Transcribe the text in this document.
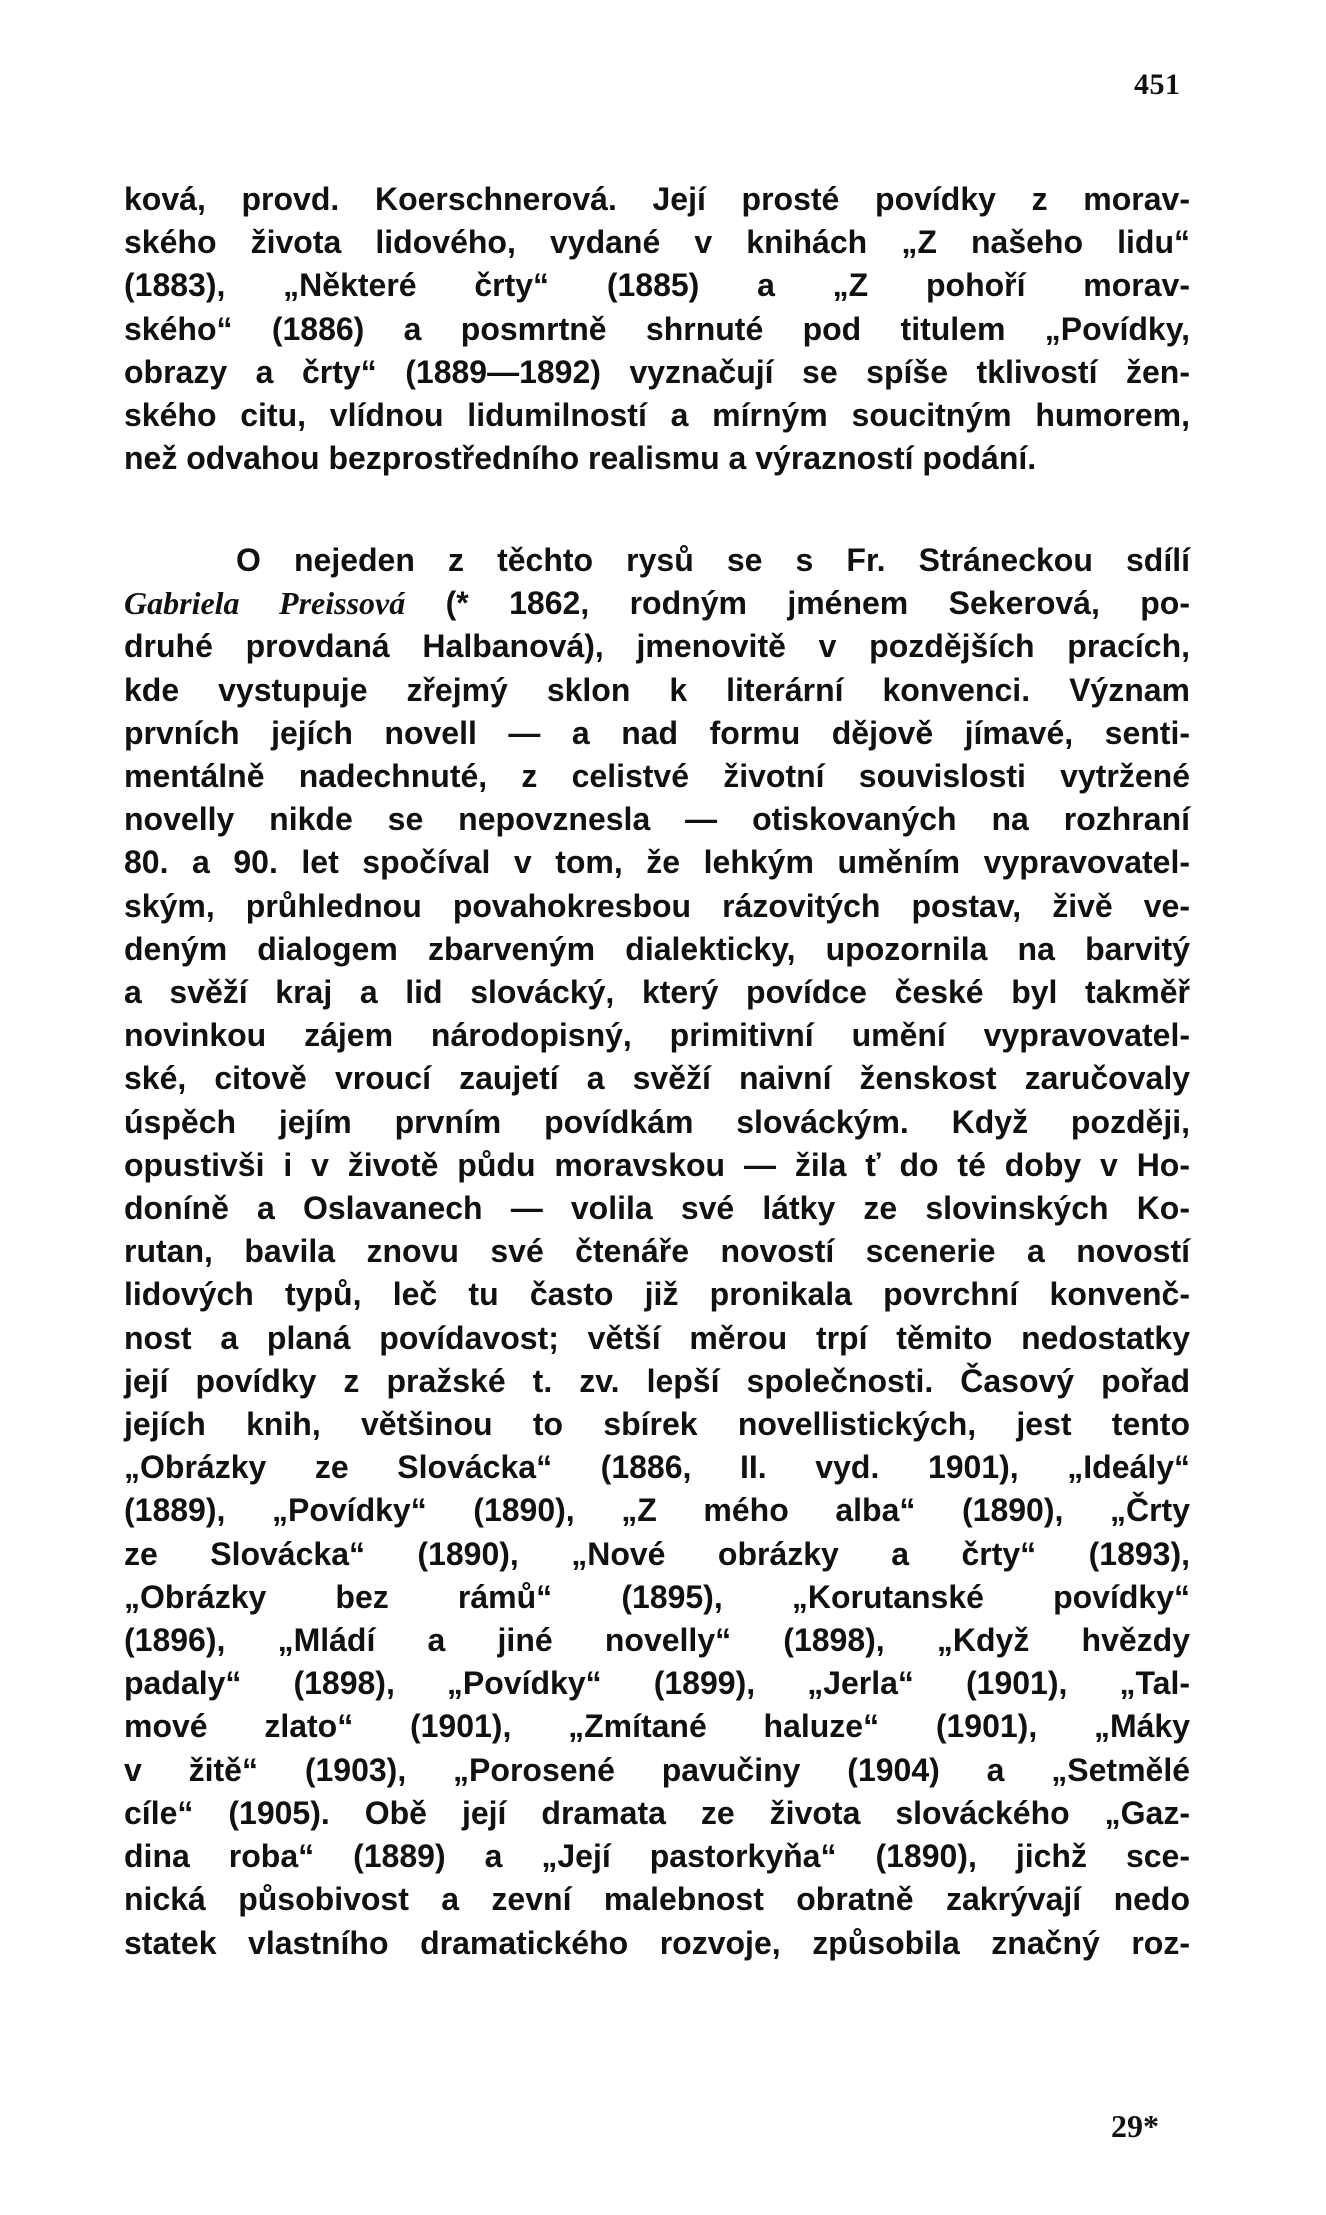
451
ková, provd. Koerschnerová. Její prosté povídky z morav-
ského života lidového, vydané v knihách „Z našeho lidu“
(1883), „Některé črty“ (1885) a „Z pohoří morav-
ského“ (1886) a posmrtně shrnuté pod titulem „Povídky,
obrazy a črty“ (1889—1892) vyznačují se spíše tklivostí žen-
ského citu, vlídnou lidumilností a mírným soucitným humorem,
než odvahou bezprostředního realismu a výrazností podání.
O nejeden z těchto rysů se s Fr. Stráneckou sdílí
Gabriela Preissová (* 1862, rodným jménem Sekerová, po-
druhé provdaná Halbanová), jmenovitě v pozdějších pracích,
kde vystupuje zřejmý sklon k literární konvenci. Význam
prvních jejích novell — a nad formu dějově jímavé, senti-
mentálně nadechnuté, z celistvé životní souvislosti vytržené
novelly nikde se nepovznesla — otiskovaných na rozhraní
80. a 90. let spočíval v tom, že lehkým uměním vypravovatel-
ským, průhlednou povahokresbou rázovitých postav, živě ve-
deným dialogem zbarveným dialekticky, upozornila na barvitý
a svěží kraj a lid slovácký, který povídce české byl takměř
novinkou zájem národopisný, primitivní umění vypravovatel-
ské, citově vroucí zaujetí a svěží naivní ženskost zaručovaly
úspěch jejím prvním povídkám slováckým. Když později,
opustivši i v životě půdu moravskou — žila ť do té doby v Ho-
doníně a Oslavanech — volila své látky ze slovinských Ko-
rutan, bavila znovu své čtenáře novostí scenerie a novostí
lidových typů, leč tu často již pronikala povrchní konvenč-
nost a planá povídavost; větší měrou trpí těmito nedostatky
její povídky z pražské t. zv. lepší společnosti. Časový pořad
jejích knih, většinou to sbírek novellistických, jest tento
„Obrázky ze Slovácka“ (1886, II. vyd. 1901), „Ideály“
(1889), „Povídky“ (1890), „Z mého alba“ (1890), „Črty
ze Slovácka“ (1890), „Nové obrázky a črty“ (1893),
„Obrázky bez rámů“ (1895), „Korutanské povídky“
(1896), „Mládí a jiné novelly“ (1898), „Když hvězdy
padaly“ (1898), „Povídky“ (1899), „Jerla“ (1901), „Tal-
mové zlato“ (1901), „Zmítané haluze“ (1901), „Máky
v žitě“ (1903), „Porosené pavučiny (1904) a „Setmělé
cíle“ (1905). Obě její dramata ze života slováckého „Gaz-
dina roba“ (1889) a „Její pastorkyňa“ (1890), jichž sce-
nická působivost a zevní malebnost obratně zakrývají nedo
statek vlastního dramatického rozvoje, způsobila značný roz-
29*
